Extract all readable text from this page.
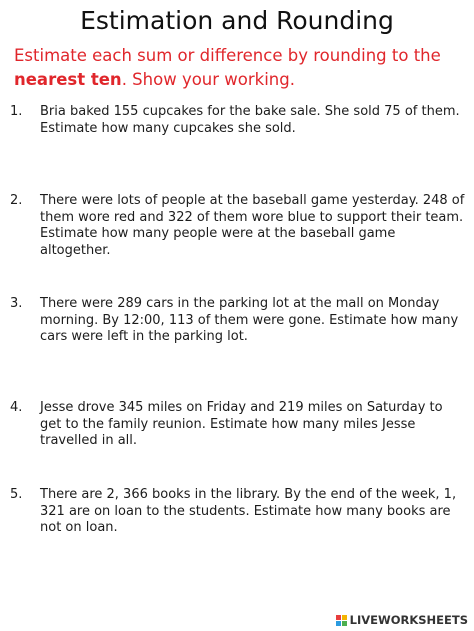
Estimation and Rounding
Estimate each sum or difference by rounding to the nearest ten. Show your working.
1.	Bria baked 155 cupcakes for the bake sale. She sold 75 of them. Estimate how many cupcakes she sold.
2.	There were lots of people at the baseball game yesterday. 248 of them wore red and 322 of them wore blue to support their team. Estimate how many people were at the baseball game altogether.
3.	There were 289 cars in the parking lot at the mall on Monday morning. By 12:00, 113 of them were gone. Estimate how many cars were left in the parking lot.
4.	Jesse drove 345 miles on Friday and 219 miles on Saturday to get to the family reunion. Estimate how many miles Jesse travelled in all.
5.	There are 2, 366 books in the library. By the end of the week, 1, 321 are on loan to the students. Estimate how many books are not on loan.
LIVEWORKSHEETS
